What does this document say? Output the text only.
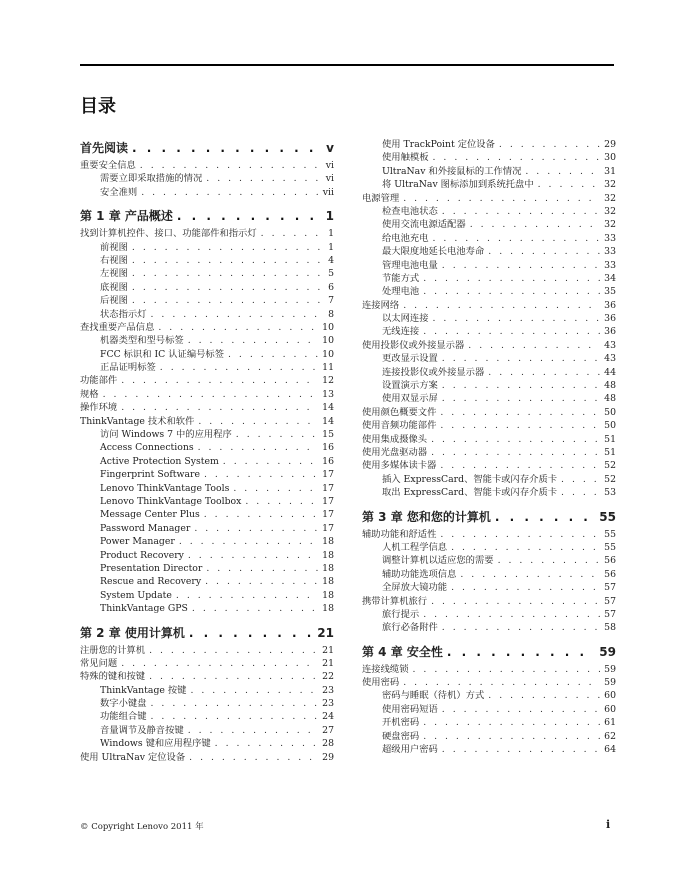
目录
首先阅读 . . .	v
重要安全信息 . . .	vi
需要立即采取措施的情况 . . .	vi
安全准则 . . .	vii
第 1 章 产品概述 . . .	1
找到计算机控件、接口、功能部件和指示灯 . . .	1
前视图 . . .	1
右视图 . . .	4
左视图 . . .	5
底视图 . . .	6
后视图 . . .	7
状态指示灯 . . .	8
查找重要产品信息 . . .	10
机器类型和型号标签 . . .	10
FCC 标识和 IC 认证编号标签 . . .	10
正品证明标签 . . .	11
功能部件 . . .	12
规格 . . .	13
操作环境 . . .	14
ThinkVantage 技术和软件 . . .	14
访问 Windows 7 中的应用程序 . . .	15
Access Connections . . .	16
Active Protection System . . .	16
Fingerprint Software . . .	17
Lenovo ThinkVantage Tools . . .	17
Lenovo ThinkVantage Toolbox . . .	17
Message Center Plus . . .	17
Password Manager . . .	17
Power Manager . . .	18
Product Recovery . . .	18
Presentation Director . . .	18
Rescue and Recovery . . .	18
System Update . . .	18
ThinkVantage GPS . . .	18
第 2 章 使用计算机 . . .	21
注册您的计算机 . . .	21
常见问题 . . .	21
特殊的键和按键 . . .	22
ThinkVantage 按键 . . .	23
数字小键盘 . . .	23
功能组合键 . . .	24
音量调节及静音按键 . . .	27
Windows 键和应用程序键 . . .	28
使用 UltraNav 定位设备 . . .	29
使用 TrackPoint 定位设备 . . .	29
使用触模板 . . .	30
UltraNav 和外接鼠标的工作情况 . . .	31
将 UltraNav 图标添加到系统托盘中 . . .	32
电源管理 . . .	32
检查电池状态 . . .	32
使用交流电源适配器 . . .	32
给电池充电 . . .	33
最大限度地延长电池寿命 . . .	33
管理电池电量 . . .	33
节能方式 . . .	34
处理电池 . . .	35
连接网络 . . .	36
以太网连接 . . .	36
无线连接 . . .	36
使用投影仪或外接显示器 . . .	43
更改显示设置 . . .	43
连接投影仪或外接显示器 . . .	44
设置演示方案 . . .	48
使用双显示屏 . . .	48
使用颜色概要文件 . . .	50
使用音频功能部件 . . .	50
使用集成摄像头 . . .	51
使用光盘驱动器 . . .	51
使用多媒体读卡器 . . .	52
插入 ExpressCard、智能卡或闪存介质卡 . . .	52
取出 ExpressCard、智能卡或闪存介质卡 . . .	53
第 3 章 您和您的计算机 . . .	55
辅助功能和舒适性 . . .	55
人机工程学信息 . . .	55
调整计算机以适应您的需要 . . .	56
辅助功能选项信息 . . .	56
全屏放大镜功能 . . .	57
携带计算机旅行 . . .	57
旅行提示 . . .	57
旅行必备附件 . . .	58
第 4 章 安全性 . . .	59
连接线缆锁 . . .	59
使用密码 . . .	59
密码与睡眠（待机）方式 . . .	60
使用密码短语 . . .	60
开机密码 . . .	61
硬盘密码 . . .	62
超级用户密码 . . .	64
© Copyright Lenovo 2011 年	i
